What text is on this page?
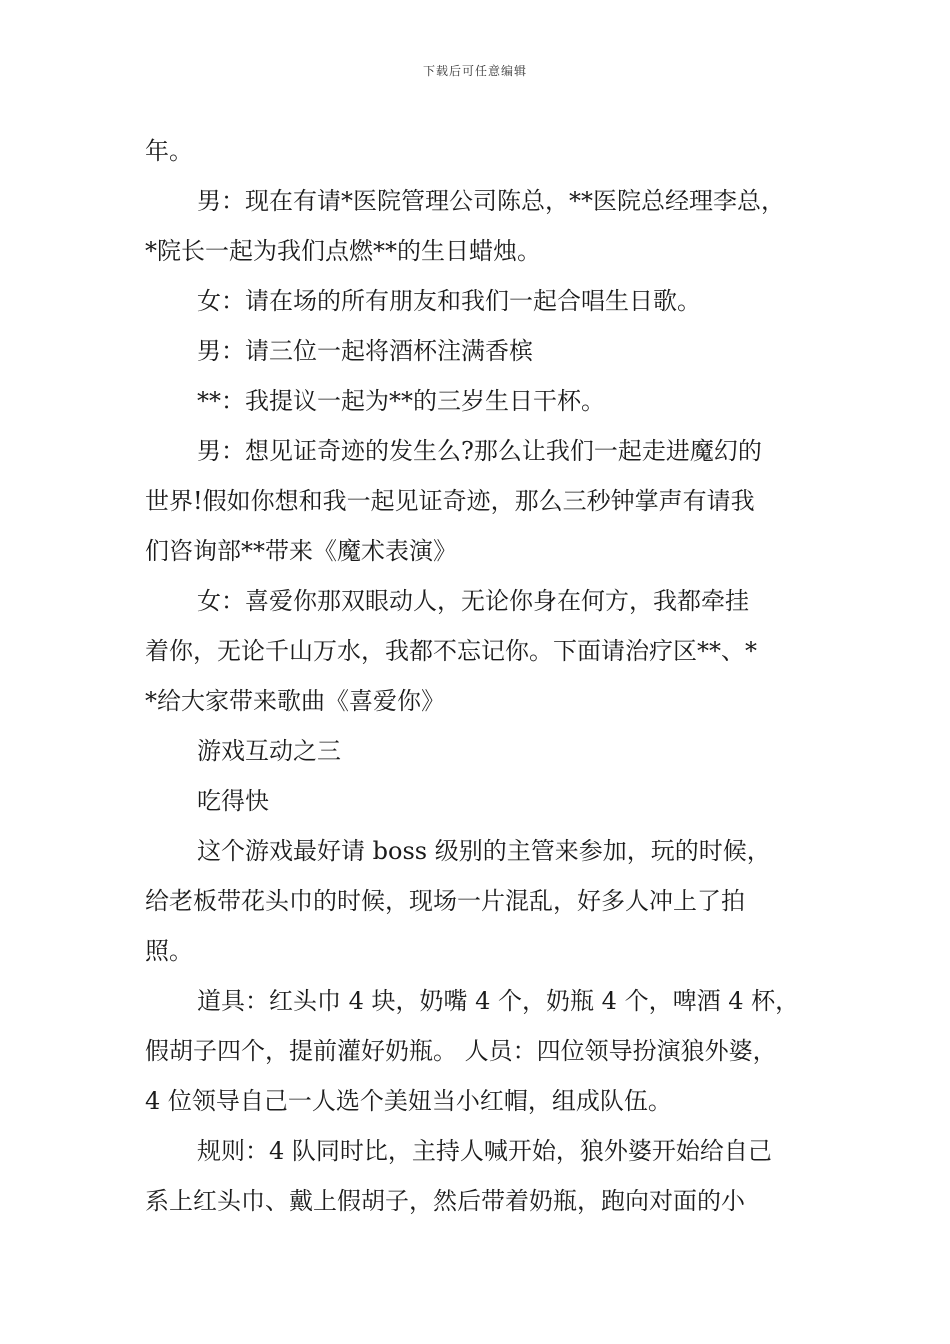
下载后可任意编辑
年。
男：现在有请*医院管理公司陈总，**医院总经理李总，
*院长一起为我们点燃**的生日蜡烛。
女：请在场的所有朋友和我们一起合唱生日歌。
男：请三位一起将酒杯注满香槟
**：我提议一起为**的三岁生日干杯。
男：想见证奇迹的发生么?那么让我们一起走进魔幻的
世界!假如你想和我一起见证奇迹，那么三秒钟掌声有请我
们咨询部**带来《魔术表演》
女：喜爱你那双眼动人，无论你身在何方，我都牵挂
着你，无论千山万水，我都不忘记你。下面请治疗区**、*
*给大家带来歌曲《喜爱你》
游戏互动之三
吃得快
这个游戏最好请 boss 级别的主管来参加，玩的时候，
给老板带花头巾的时候，现场一片混乱，好多人冲上了拍
照。
道具：红头巾 4 块，奶嘴 4 个，奶瓶 4 个，啤酒 4 杯，
假胡子四个，提前灌好奶瓶。 人员：四位领导扮演狼外婆，
4 位领导自己一人选个美妞当小红帽，组成队伍。
规则：4 队同时比，主持人喊开始，狼外婆开始给自己
系上红头巾、戴上假胡子，然后带着奶瓶，跑向对面的小
